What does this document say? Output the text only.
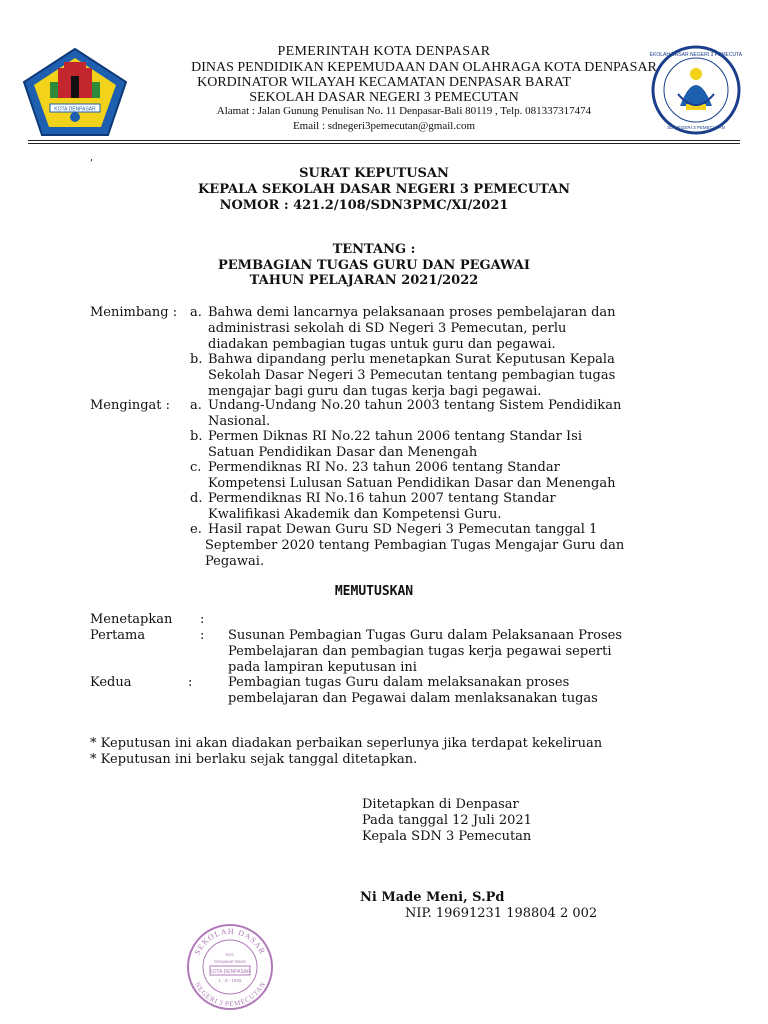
KOTA DENPASAR
SEKOLAH DASAR NEGERI 3 PEMECUTAN
SD NEGERI 3 PEMECUTAN
PEMERINTAH KOTA DENPASAR
DINAS PENDIDIKAN KEPEMUDAAN DAN OLAHRAGA KOTA DENPASAR
KORDINATOR WILAYAH KECAMATAN DENPASAR BARAT
SEKOLAH DASAR NEGERI 3 PEMECUTAN
Alamat : Jalan Gunung Penulisan No. 11 Denpasar-Bali 80119 , Telp. 081337317474
Email : sdnegeri3pemecutan@gmail.com
,
SURAT KEPUTUSAN
KEPALA SEKOLAH DASAR NEGERI 3 PEMECUTAN
NOMOR : 421.2/108/SDN3PMC/XI/2021
TENTANG :
PEMBAGIAN TUGAS GURU DAN PEGAWAI
TAHUN PELAJARAN 2021/2022
Menimbang : a. Bahwa demi lancarnya pelaksanaan proses pembelajaran dan
administrasi sekolah di SD Negeri 3 Pemecutan, perlu
diadakan pembagian tugas untuk guru dan pegawai.
b. Bahwa dipandang perlu menetapkan Surat Keputusan Kepala
Sekolah Dasar Negeri 3 Pemecutan tentang pembagian tugas
mengajar bagi guru dan tugas kerja bagi pegawai.
Mengingat : a. Undang-Undang No.20 tahun 2003 tentang Sistem Pendidikan
Nasional.
b. Permen Diknas RI No.22 tahun 2006 tentang Standar Isi
Satuan Pendidikan Dasar dan Menengah
c. Permendiknas RI No. 23 tahun 2006 tentang Standar
Kompetensi Lulusan Satuan Pendidikan Dasar dan Menengah
d. Permendiknas RI No.16 tahun 2007 tentang Standar
Kwalifikasi Akademik dan Kompetensi Guru.
e. Hasil rapat Dewan Guru SD Negeri 3 Pemecutan tanggal 1
September 2020 tentang Pembagian Tugas Mengajar Guru dan
Pegawai.
MEMUTUSKAN
Menetapkan :
Pertama	: Susunan Pembagian Tugas Guru dalam Pelaksanaan Proses
Pembelajaran dan pembagian tugas kerja pegawai seperti
pada lampiran keputusan ini
Kedua	:	Pembagian tugas Guru dalam melaksanakan proses
pembelajaran dan Pegawai dalam menlaksanakan tugas
* Keputusan ini akan diadakan perbaikan seperlunya jika terdapat kekeliruan
* Keputusan ini berlaku sejak tanggal ditetapkan.
Ditetapkan di Denpasar
Pada tanggal 12 Juli 2021
Kepala SDN 3 Pemecutan
Ni Made Meni, S.Pd
NIP. 19691231 198804 2 002
SEKOLAH DASAR
NEGERI 3 PEMECUTAN
Kec
Denpasar Barat
KOTA DENPASAR
1 - 8 - 1926
